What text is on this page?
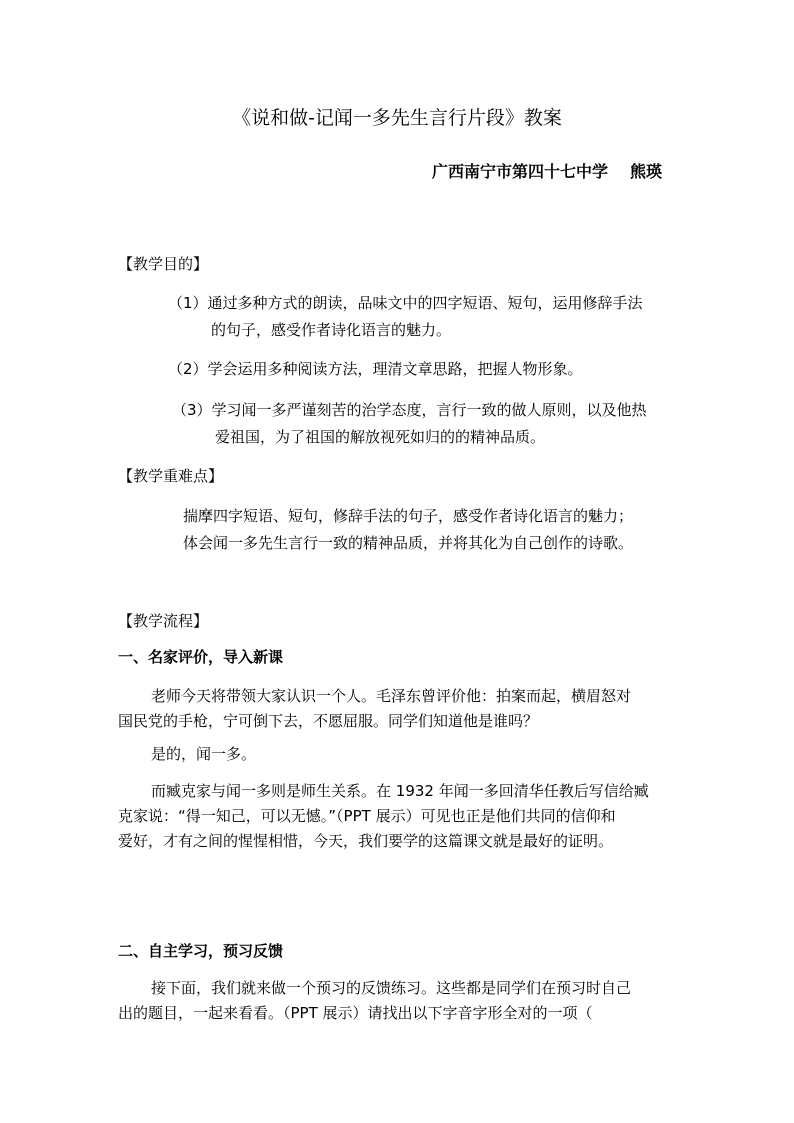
《说和做-记闻一多先生言行片段》教案
广西南宁市第四十七中学 熊瑛
【教学目的】
（1）通过多种方式的朗读，品味文中的四字短语、短句，运用修辞手法
的句子，感受作者诗化语言的魅力。
（2）学会运用多种阅读方法，理清文章思路，把握人物形象。
（3）学习闻一多严谨刻苦的治学态度，言行一致的做人原则，以及他热
爱祖国，为了祖国的解放视死如归的的精神品质。
【教学重难点】
揣摩四字短语、短句，修辞手法的句子，感受作者诗化语言的魅力；
体会闻一多先生言行一致的精神品质，并将其化为自己创作的诗歌。
【教学流程】
一、名家评价，导入新课
老师今天将带领大家认识一个人。毛泽东曾评价他：拍案而起，横眉怒对
国民党的手枪，宁可倒下去，不愿屈服。同学们知道他是谁吗？
是的，闻一多。
而臧克家与闻一多则是师生关系。在 1932 年闻一多回清华任教后写信给臧
克家说：“得一知己，可以无憾。”（PPT 展示）可见也正是他们共同的信仰和
爱好，才有之间的惺惺相惜，今天，我们要学的这篇课文就是最好的证明。
二、自主学习，预习反馈
接下面，我们就来做一个预习的反馈练习。这些都是同学们在预习时自己
出的题目，一起来看看。（PPT 展示）请找出以下字音字形全对的一项（
